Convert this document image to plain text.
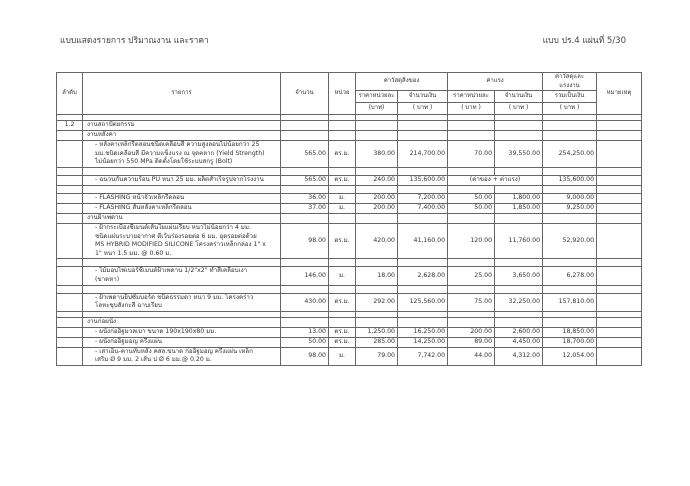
แบบแสดงรายการ ปริมาณงาน และราคา	แบบ ปร.4 แผ่นที่ 5/30
ลำดับ	รายการ	จำนวน	หน่วย	ค่าวัสดุสิ่งของ		ค่าแรง		ค่าวัสดุและแรงงาน	หมายเหตุ
				ราคาหน่วยละ	จำนวนเงิน	ราคาหน่วยละ	จำนวนเงิน	รวมเป็นเงิน	
				(บาท)	( บาท )	( บาท )	( บาท )	( บาท )	

1.2	งานสถาปัตยกรรม								
	งานหลังคา								

	- หลังคาเหล็กรีดลอนชนิดเคลือบสี ความสูงลอนไม่น้อยกว่า 25
มม.ชนิดเคลือบสี มีความแข็งแรง ณ จุดคลาก (Yield Strength)
ไม่น้อยกว่า 550 MPa ติดตั้งโดยใช้ระบบสกรู (Bolt)	565.00	ตร.ม.	380.00	214,700.00	70.00	39,550.00	254,250.00	

	- ฉนวนกันความร้อน PU หนา 25 มม. ผลิตสำเร็จรูปจากโรงงาน	565.00	ตร.ม.	240.00	135,600.00	(ค่าของ + ค่าแรง)		135,600.00	

	- FLASHING หน้าจั่วเหล็กรีดลอน	36.00	ม.	200.00	7,200.00	50.00	1,800.00	9,000.00	
	- FLASHING สันหลังคาเหล็กรีดลอน	37.00	ม.	200.00	7,400.00	50.00	1,850.00	9,250.00	
	งานฝ้าเพดาน								

	- ฝ้ากระเบื้องซีเมนต์เส้นใยแผ่นเรียบ หนาไม่น้อยกว่า 4 มม.
ชนิดแผ่นระบายอากาศ ตีเว้นร่องรอยต่อ 6 มม. อุดรอยต่อด้วย
MS HYBRID MODIFIED SILICONE โครงคร่าวเหล็กกล่อง 1" x
1" หนา 1.5 มม. @ 0.60 ม.	98.00	ตร.ม.	420.00	41,160.00	120.00	11,760.00	52,920.00	

	- ไม้มอบไฟเบอร์ซีเมนต์ฝ้าเพดาน 1/2"x2" ทำสีเคลือบเงา
(ขาดหา)	146.00	ม.	18.00	2,628.00	25.00	3,650.00	6,278.00	

	- ฝ้าเพดานยิปซัมบอร์ด ชนิดธรรมดา หนา 9 มม. โครงคร่าว
โลหะชุบสังกะสี ฉาบเรียบ	430.00	ตร.ม.	292.00	125,560.00	75.00	32,250.00	157,810.00	

	งานก่อผนัง								
	- ผนังก่ออิฐมวลเบา ขนาด 190x190x80 มม.	13.00	ตร.ม.	1,250.00	16,250.00	200.00	2,600.00	18,850.00	
	- ผนังก่ออิฐมอญ ครึ่งแผ่น	50.00	ตร.ม.	285.00	14,250.00	89.00	4,450.00	18,700.00	

	- เสาเอ็น-คานทับหลัง คสล.ขนาด ก่ออิฐมอญ ครึ่งแผ่น เหล็ก
เสริม Ø 9 มม. 2 เส้น ป Ø 6 มม.@ 0.20 ม.	98.00	ม.	79.00	7,742.00	44.00	4,312.00	12,054.00	
